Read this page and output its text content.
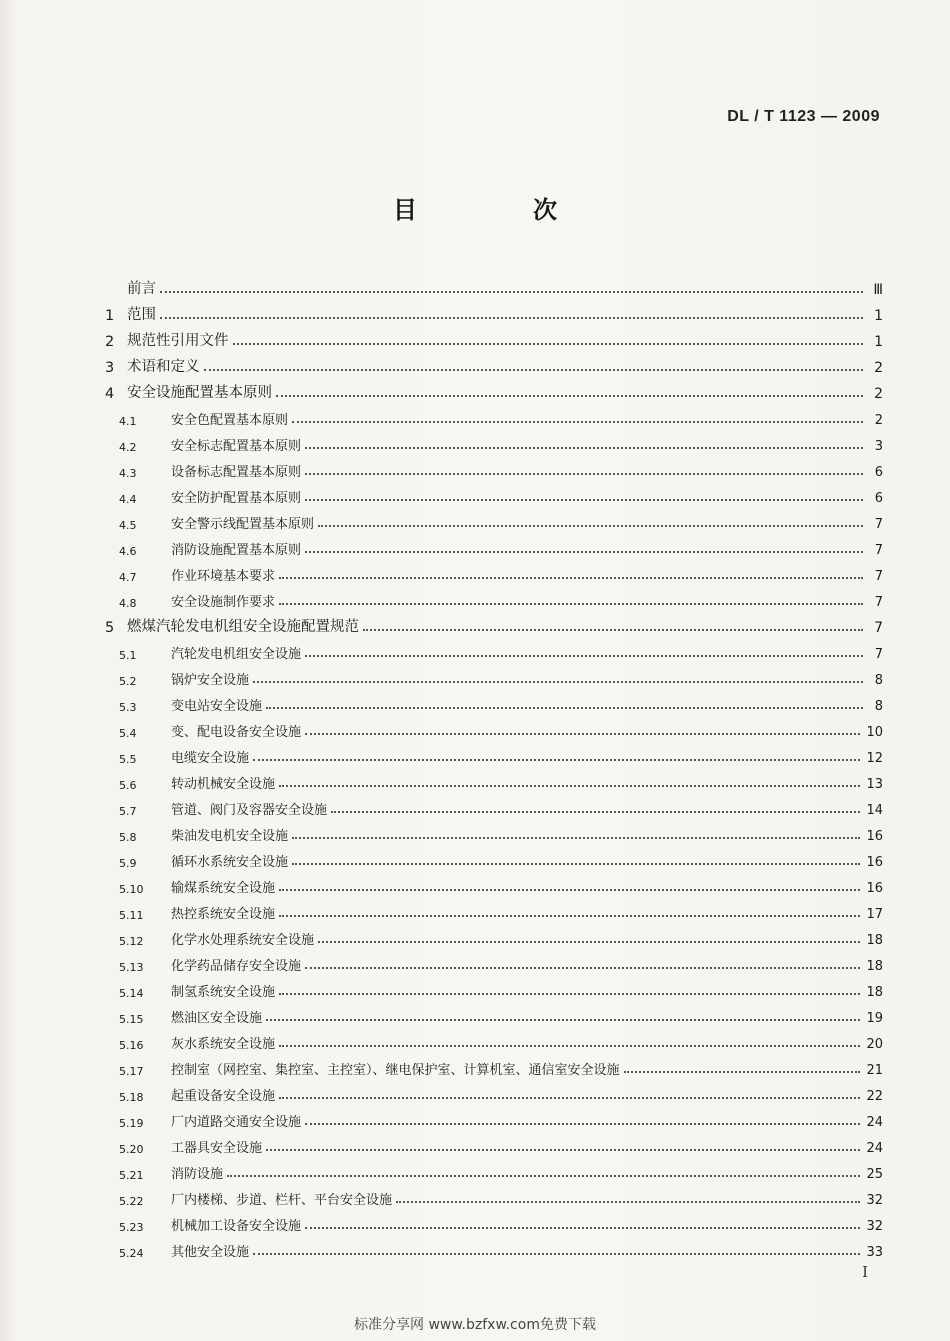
DL / T 1123 — 2009
目　次
前言	Ⅲ
1 范围	1
2 规范性引用文件	1
3 术语和定义	2
4 安全设施配置基本原则	2
4.1	安全色配置基本原则	2
4.2	安全标志配置基本原则	3
4.3	设备标志配置基本原则	6
4.4	安全防护配置基本原则	6
4.5	安全警示线配置基本原则	7
4.6	消防设施配置基本原则	7
4.7	作业环境基本要求	7
4.8	安全设施制作要求	7
5 燃煤汽轮发电机组安全设施配置规范	7
5.1	汽轮发电机组安全设施	7
5.2	锅炉安全设施	8
5.3	变电站安全设施	8
5.4	变、配电设备安全设施	10
5.5	电缆安全设施	12
5.6	转动机械安全设施	13
5.7	管道、阀门及容器安全设施	14
5.8	柴油发电机安全设施	16
5.9	循环水系统安全设施	16
5.10	输煤系统安全设施	16
5.11	热控系统安全设施	17
5.12	化学水处理系统安全设施	18
5.13	化学药品储存安全设施	18
5.14	制氢系统安全设施	18
5.15	燃油区安全设施	19
5.16	灰水系统安全设施	20
5.17	控制室（网控室、集控室、主控室）、继电保护室、计算机室、通信室安全设施	21
5.18	起重设备安全设施	22
5.19	厂内道路交通安全设施	24
5.20	工器具安全设施	24
5.21	消防设施	25
5.22	厂内楼梯、步道、栏杆、平台安全设施	32
5.23	机械加工设备安全设施	32
5.24	其他安全设施	33
I
标准分享网 www.bzfxw.com免费下载
